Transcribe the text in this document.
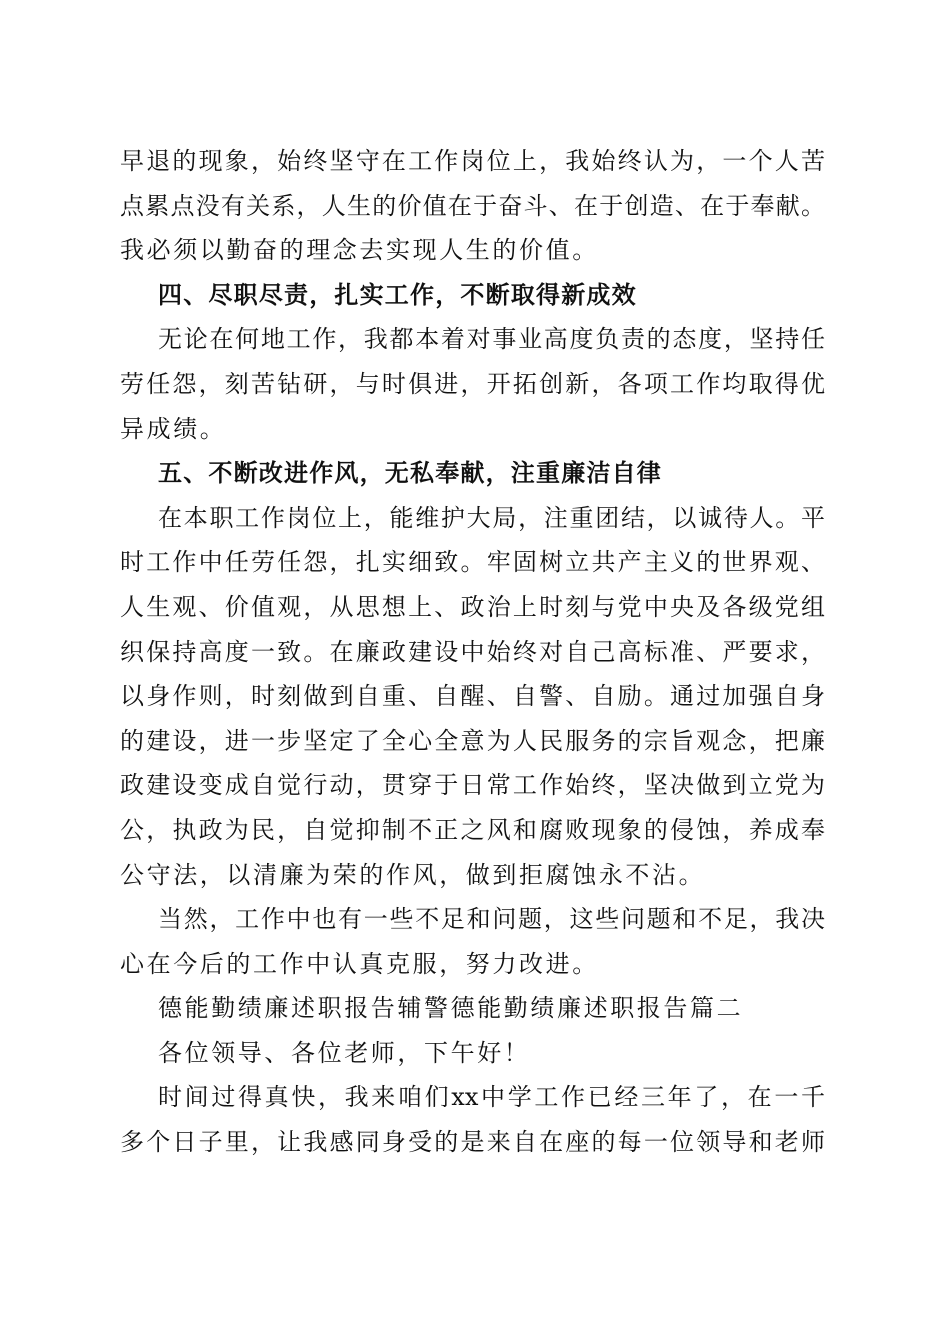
早退的现象，始终坚守在工作岗位上，我始终认为，一个人苦
点累点没有关系，人生的价值在于奋斗、在于创造、在于奉献。
我必须以勤奋的理念去实现人生的价值。
四、尽职尽责，扎实工作，不断取得新成效
无论在何地工作，我都本着对事业高度负责的态度，坚持任
劳任怨，刻苦钻研，与时俱进，开拓创新，各项工作均取得优
异成绩。
五、不断改进作风，无私奉献，注重廉洁自律
在本职工作岗位上，能维护大局，注重团结，以诚待人。平
时工作中任劳任怨，扎实细致。牢固树立共产主义的世界观、
人生观、价值观，从思想上、政治上时刻与党中央及各级党组
织保持高度一致。在廉政建设中始终对自己高标准、严要求，
以身作则，时刻做到自重、自醒、自警、自励。通过加强自身
的建设，进一步坚定了全心全意为人民服务的宗旨观念，把廉
政建设变成自觉行动，贯穿于日常工作始终，坚决做到立党为
公，执政为民，自觉抑制不正之风和腐败现象的侵蚀，养成奉
公守法，以清廉为荣的作风，做到拒腐蚀永不沾。
当然，工作中也有一些不足和问题，这些问题和不足，我决
心在今后的工作中认真克服，努力改进。
德能勤绩廉述职报告辅警德能勤绩廉述职报告篇二
各位领导、各位老师，下午好！
时间过得真快，我来咱们xx中学工作已经三年了，在一千
多个日子里，让我感同身受的是来自在座的每一位领导和老师
